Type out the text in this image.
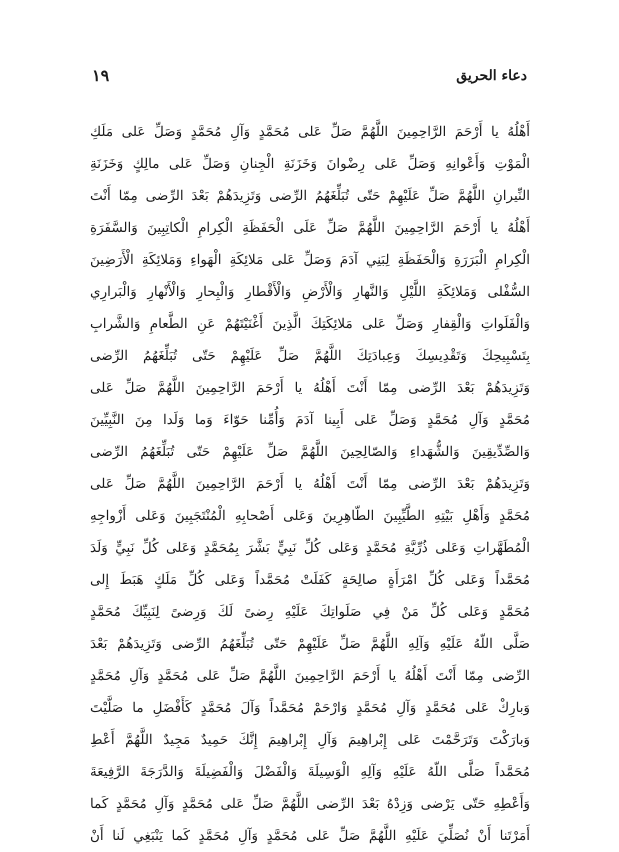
دعاء الحريق
١٩
أَهْلُهُ يا أَرْحَمَ الرَّاحِمِينَ اللَّهُمَّ صَلِّ عَلى مُحَمَّدٍ وَآلِ مُحَمَّدٍ وَصَلِّ عَلى مَلَكِ
الْمَوْتِ وَأَعْوانِهِ وَصَلِّ عَلى رِضْوانَ وَخَزَنَةِ الْجِنانِ وَصَلِّ عَلى مالِكٍ وَخَزَنَةِ
النِّيرانِ اللَّهُمَّ صَلِّ عَلَيْهِمْ حَتّى تُبَلِّغَهُمُ الرِّضى وَتَزِيدَهُمْ بَعْدَ الرِّضى مِمّا أَنْتَ
أَهْلُهُ يا أَرْحَمَ الرَّاحِمِينَ اللَّهُمَّ صَلِّ عَلَى الْحَفَظَةِ الْكِرامِ الْكاتِبِينَ وَالسَّفَرَةِ
الْكِرامِ الْبَرَرَةِ وَالْحَفَظَةِ لِبَنِي آدَمَ وَصَلِّ عَلى مَلائِكَةِ الْهَواءِ وَمَلائِكَةِ الْأَرَضِينَ
السُّفْلى وَمَلائِكَةِ اللَّيْلِ وَالنَّهارِ وَالْأَرْضِ وَالْأَقْطارِ وَالْبِحارِ وَالْأَنْهارِ وَالْبَرارِي
وَالْفَلَواتِ وَالْقِفارِ وَصَلِّ عَلى مَلائِكَتِكَ الَّذِينَ أَغْنَيْتَهُمْ عَنِ الطَّعامِ وَالشَّرابِ
بِتَسْبِيحِكَ وَتَقْدِيسِكَ وَعِبادَتِكَ اللَّهُمَّ صَلِّ عَلَيْهِمْ حَتّى تُبَلِّغَهُمُ الرِّضى
وَتَزِيدَهُمْ بَعْدَ الرِّضى مِمّا أَنْتَ أَهْلُهُ يا أَرْحَمَ الرَّاحِمِينَ اللَّهُمَّ صَلِّ عَلى
مُحَمَّدٍ وَآلِ مُحَمَّدٍ وَصَلِّ عَلى أَبِينا آدَمَ وَأُمِّنا حَوّاءَ وَما وَلَدا مِنَ النَّبِيِّينَ
وَالصِّدِّيقِينَ وَالشُّهَداءِ وَالصّالِحِينَ اللَّهُمَّ صَلِّ عَلَيْهِمْ حَتّى تُبَلِّغَهُمُ الرِّضى
وَتَزِيدَهُمْ بَعْدَ الرِّضى مِمّا أَنْتَ أَهْلُهُ يا أَرْحَمَ الرَّاحِمِينَ اللَّهُمَّ صَلِّ عَلى
مُحَمَّدٍ وَأَهْلِ بَيْتِهِ الطَّيِّبِينَ الطّاهِرِينَ وَعَلى أَصْحابِهِ الْمُنْتَجَبِينَ وَعَلى أَزْواجِهِ
الْمُطَهَّراتِ وَعَلى ذُرِّيَّةِ مُحَمَّدٍ وَعَلى كُلِّ نَبِيٍّ بَشَّرَ بِمُحَمَّدٍ وَعَلى كُلِّ نَبِيٍّ وَلَدَ
مُحَمَّداً وَعَلى كُلِّ امْرَأَةٍ صالِحَةٍ كَفَلَتْ مُحَمَّداً وَعَلى كُلِّ مَلَكٍ هَبَطَ إِلى
مُحَمَّدٍ وَعَلى كُلِّ مَنْ فِي صَلَواتِكَ عَلَيْهِ رِضىً لَكَ وَرِضىً لِنَبِيِّكَ مُحَمَّدٍ
صَلَّى اللّهُ عَلَيْهِ وَآلِهِ اللَّهُمَّ صَلِّ عَلَيْهِمْ حَتّى تُبَلِّغَهُمُ الرِّضى وَتَزِيدَهُمْ بَعْدَ
الرِّضى مِمّا أَنْتَ أَهْلُهُ يا أَرْحَمَ الرَّاحِمِينَ اللَّهُمَّ صَلِّ عَلى مُحَمَّدٍ وَآلِ مُحَمَّدٍ
وَبارِكْ عَلى مُحَمَّدٍ وَآلِ مُحَمَّدٍ وَارْحَمْ مُحَمَّداً وَآلَ مُحَمَّدٍ كَأَفْضَلِ ما صَلَّيْتَ
وَبارَكْتَ وَتَرَحَّمْتَ عَلى إِبْراهِيمَ وَآلِ إِبْراهِيمَ إِنَّكَ حَمِيدٌ مَجِيدٌ اللَّهُمَّ أَعْطِ
مُحَمَّداً صَلَّى اللّهُ عَلَيْهِ وَآلِهِ الْوَسِيلَةَ وَالْفَضْلَ وَالْفَضِيلَةَ وَالدَّرَجَةَ الرَّفِيعَةَ
وَأَعْطِهِ حَتّى يَرْضى وَزِدْهُ بَعْدَ الرِّضى اللَّهُمَّ صَلِّ عَلى مُحَمَّدٍ وَآلِ مُحَمَّدٍ كَما
أَمَرْتَنا أَنْ نُصَلِّيَ عَلَيْهِ اللَّهُمَّ صَلِّ عَلى مُحَمَّدٍ وَآلِ مُحَمَّدٍ كَما يَنْبَغِي لَنا أَنْ
